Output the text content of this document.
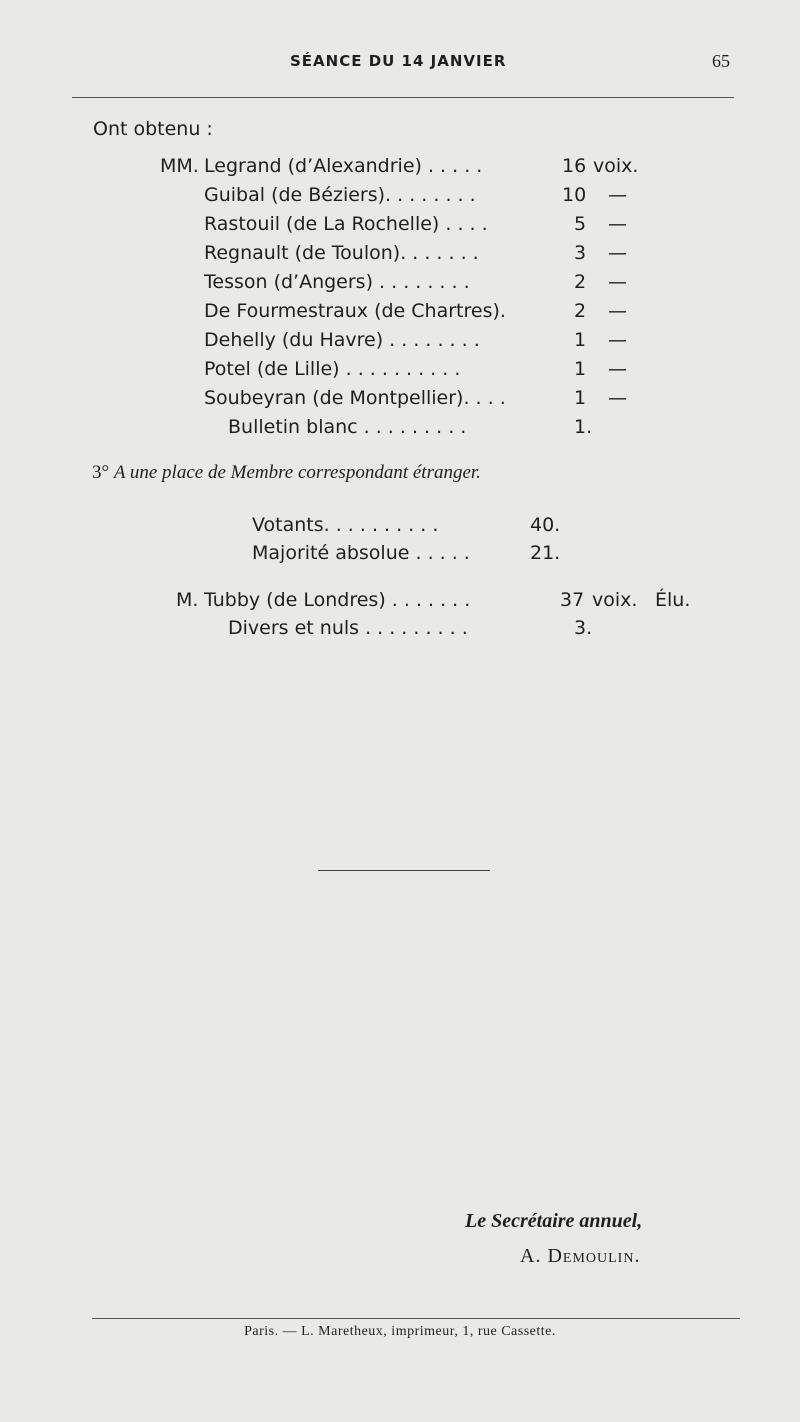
SÉANCE DU 14 JANVIER	65
Ont obtenu :
MM. Legrand (d’Alexandrie) . . . . .	16 voix.
Guibal (de Béziers). . . . . . . .	10 —
Rastouil (de La Rochelle) . . . .	5 —
Regnault (de Toulon). . . . . . .	3 —
Tesson (d’Angers) . . . . . . . .	2 —
De Fourmestraux (de Chartres).	2 —
Dehelly (du Havre) . . . . . . . .	1 —
Potel (de Lille) . . . . . . . . . .	1 —
Soubeyran (de Montpellier). . . .	1 —
Bulletin blanc . . . . . . . . .	1.
3° A une place de Membre correspondant étranger.
Votants. . . . . . . . . .	40.
Majorité absolue . . . . .	21.
M. Tubby (de Londres) . . . . . . .	37 voix. Élu.
Divers et nuls . . . . . . . . .	3.
Le Secrétaire annuel,
A. Demoulin.
Paris. — L. Maretheux, imprimeur, 1, rue Cassette.
